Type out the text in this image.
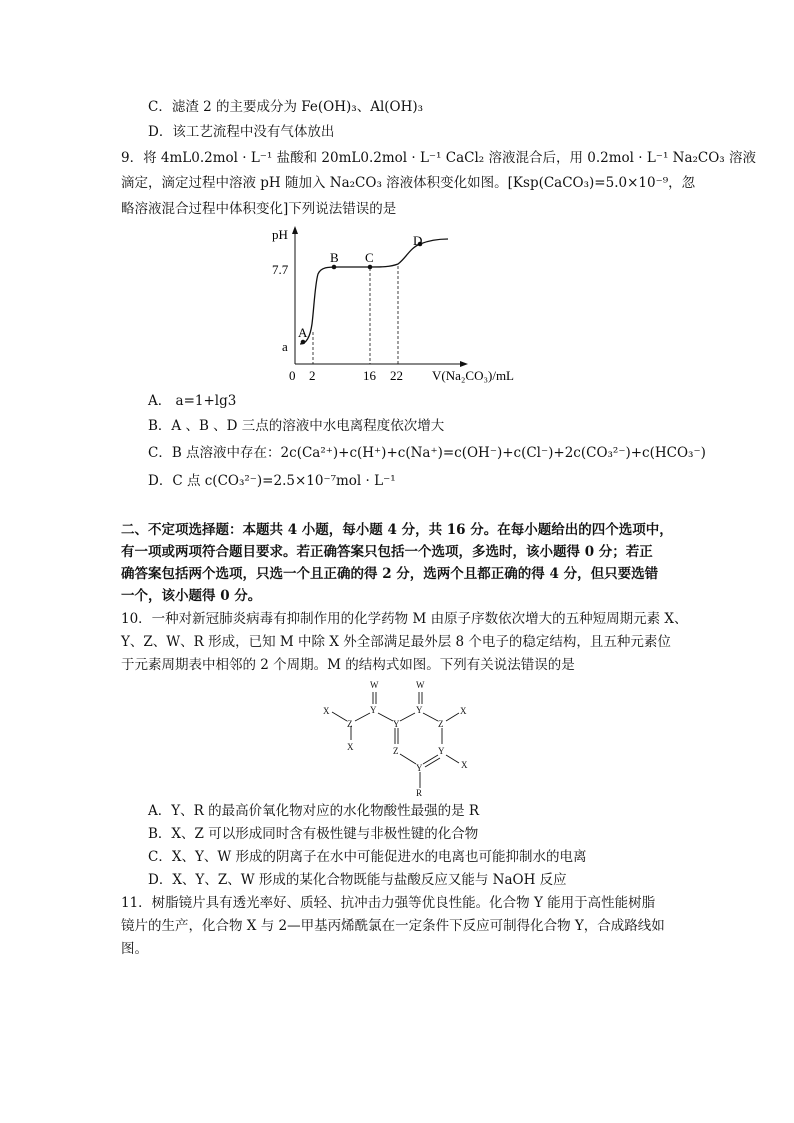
C．滤渣 2 的主要成分为 Fe(OH)₃、Al(OH)₃
D．该工艺流程中没有气体放出
9．将 4mL0.2mol · L⁻¹ 盐酸和 20mL0.2mol · L⁻¹ CaCl₂ 溶液混合后，用 0.2mol · L⁻¹ Na₂CO₃ 溶液
滴定，滴定过程中溶液 pH 随加入 Na₂CO₃ 溶液体积变化如图。[Ksp(CaCO₃)=5.0×10⁻⁹，忽
略溶液混合过程中体积变化]下列说法错误的是
pH
V(Na₂CO₃)/mL
a
7.7
0 2	16 22
A
B C
D
A． a=1+lg3
B．A 、B 、D 三点的溶液中水电离程度依次增大
C．B 点溶液中存在：2c(Ca²⁺)+c(H⁺)+c(Na⁺)=c(OH⁻)+c(Cl⁻)+2c(CO₃²⁻)+c(HCO₃⁻)
D．C 点 c(CO₃²⁻)=2.5×10⁻⁷mol · L⁻¹
二、不定项选择题：本题共 4 小题，每小题 4 分，共 16 分。在每小题给出的四个选项中，
有一项或两项符合题目要求。若正确答案只包括一个选项，多选时，该小题得 0 分；若正
确答案包括两个选项，只选一个且正确的得 2 分，选两个且都正确的得 4 分，但只要选错
一个，该小题得 0 分。
10．一种对新冠肺炎病毒有抑制作用的化学药物 M 由原子序数依次增大的五种短周期元素 X、
Y、Z、W、R 形成，已知 M 中除 X 外全部满足最外层 8 个电子的稳定结构，且五种元素位
于元素周期表中相邻的 2 个周期。M 的结构式如图。下列有关说法错误的是
X
Z
X
Y
W
Y
Y
W
Z
X
Z	Y
X
Y
R
A．Y、R 的最高价氧化物对应的水化物酸性最强的是 R
B．X、Z 可以形成同时含有极性键与非极性键的化合物
C．X、Y、W 形成的阴离子在水中可能促进水的电离也可能抑制水的电离
D．X、Y、Z、W 形成的某化合物既能与盐酸反应又能与 NaOH 反应
11．树脂镜片具有透光率好、质轻、抗冲击力强等优良性能。化合物 Y 能用于高性能树脂
镜片的生产，化合物 X 与 2—甲基丙烯酰氯在一定条件下反应可制得化合物 Y，合成路线如
图。
